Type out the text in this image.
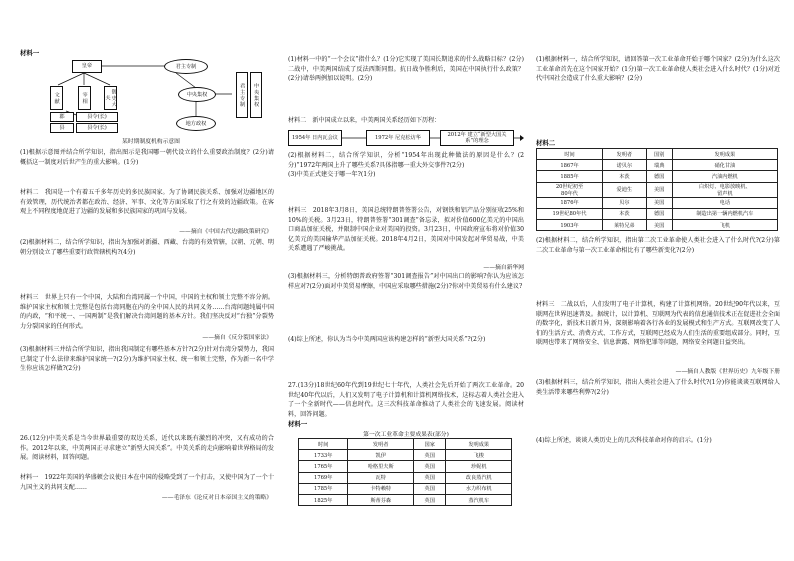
材料一
皇帝
文献	宰相	御史大夫
郡	县令(长)
县	县令(长)
君主专制
中央集权
地方政权
君主专制	中央集权
某时期制度机构示意图

(1)根据示意图并结合所学知识，指出图示是我国哪一朝代设立的什么重要政治制度？(2分)请概括这一制度对后世产生的重大影响。(1分)

材料二　我国是一个有着五千多年历史的多民族国家。为了协调民族关系、加强对边疆地区的有效管理，历代统治者都在政治、经济、军事、文化等方面采取了行之有效的边疆政策。在客观上不同程度地促进了边疆的发展和多民族国家的巩固与发展。

——摘自《中国古代边疆政策研究》

(2)根据材料二，结合所学知识，指出为加强对新疆、西藏、台湾的有效管辖，汉朝、元朝、明朝分别设立了哪些重要行政管辖机构?(4分)

材料三　世界上只有一个中国，大陆和台湾同属一个中国，中国的主权和领土完整不容分割。维护国家主权和领土完整是包括台湾同胞在内的全中国人民的共同义务……台湾问题纯属中国的内政，“和平统一、一国两制”是我们解决台湾问题的基本方针。我们坚决反对“台独”分裂势力分裂国家的任何形式。

——摘自《反分裂国家法》

(3)根据材料三并结合所学知识，指出我国制定有哪些基本方针?(2分)针对台湾分裂势力，我国已制定了什么法律来维护国家统一?(2分)为维护国家主权、统一和领土完整，作为新一名中学生你应该怎样做?(2分)

26.(12分)中美关系是当今世界最重要的双边关系，近代以来既有激烈的冲突，又有成功的合作。2012年以来，中美两国正寻求建立“新型大国关系”。中美关系的走向影响着世界格局的发展。阅读材料，回答问题。

材料一　1922年美国的华盛顿会议使日本在中国的侵略受到了一个打击，又使中国为了一个十九国主义的共同支配……

——毛泽东《论反对日本帝国主义的策略》

(1)材料一中的“一个会议”指什么？(1分)它实现了美国长期追求的什么战略目标？(2分)二战中，中美两国结成了反法西斯同盟。抗日战争胜利后，美国在中国执行什么政策？(2分)请举两例加以说明。(2分)

材料二　新中国成立以来，中美两国关系经历如下历程：

1954年 日内瓦会议	1972年 尼克松访华
2012年 建立“新型大国关系”的理念

(2)根据材料二，结合所学知识，分析“1954年出现此种做法的原因是什么？(2分)”1972年两国上升了哪些关系?具体指哪一重大外交事件?(2分)

(3)中美正式建交于哪一年?(1分)

材料三　2018年3月8日，美国总统特朗普签署公告，对钢铁和铝产品分别征收25%和10%的关税。3月23日，特朗普签署“301调查”备忘录，拟对价值600亿美元的中国出口商品加征关税，并限制中国企业对美国的投资。3月23日，中国政府宣布将对价值30亿美元的美国输华产品加征关税。2018年4月2日，美国对中国发起对华贸易战，中美关系遭遇了严峻挑战。

——摘自新华网

(3)根据材料三，分析特朗普政府签署“301调查报告”对中国出口的影响?你认为应该怎样应对?(2分)面对中美贸易摩擦，中国应采取哪些措施(2分)?你对中美贸易有什么建议?

(4)综上所述，你认为当今中美两国应该构建怎样的“新型大国关系”?(2分)

27.(13分)18世纪60年代到19世纪七十年代，人类社会先后开始了两次工业革命。20世纪40年代以后，人们又发明了电子计算机和计算机网络技术，这标志着人类社会进入了一个全新时代——信息时代。这三次科技革命推动了人类社会的飞速发展。阅读材料，回答问题。

材料一
第一次工业革命主要成果表(部分)
时间	发明者	国家	发明成果
1733年	凯伊	英国	飞梭
1765年	哈格里夫斯	英国	珍妮机
1769年	瓦特	英国	改良蒸汽机
1785年	卡特赖特	英国	水力织布机
1825年	斯蒂芬森	英国	蒸汽机车

(1)根据材料一，结合所学知识，请回答第一次工业革命开始于哪个国家？(2分)为什么这次工业革命首先在这个国家开始？(1分)第一次工业革命使人类社会进入什么时代？(1分)对近代中国社会造成了什么重大影响？(2分)

材料二
时间	发明者	国别	发明成果
1867年	诺贝尔	瑞典	硝化甘油
1885年	本茨	德国	汽油内燃机
20世纪初至
80年代	爱迪生	美国	白炽灯、电影放映机、
留声机
1876年	贝尔	美国	电话
19世纪80年代	本茨	德国	制造出第一辆内燃机汽车
1903年	莱特兄弟	美国	飞机

(2)根据材料二，结合所学知识，指出第二次工业革命使人类社会进入了什么时代?(2分)第二次工业革命与第一次工业革命相比有了哪些新变化?(2分)

材料三　二战以后，人们发明了电子计算机，构建了计算机网络。20世纪90年代以来，互联网在世界迅速普及。据统计，以计算机、互联网为代表的信息通信技术正在促进社会全面的数字化，新技术日新月异，深刻影响着各行各业的发展模式和生产方式。互联网改变了人们的生活方式、消费方式、工作方式，互联网已经成为人们生活的重要组成部分。同时，互联网也带来了网络安全、信息泄露、网络犯罪等问题，网络安全问题日益突出。

——摘自人教版《世界历史》九年级下册

(3)根据材料三，结合所学知识，指出人类社会进入了什么时代?(1分)你能谈谈互联网给人类生活带来哪些利弊?(2分)

(4)综上所述，谈谈人类历史上的几次科技革命对你的启示。(1分)
